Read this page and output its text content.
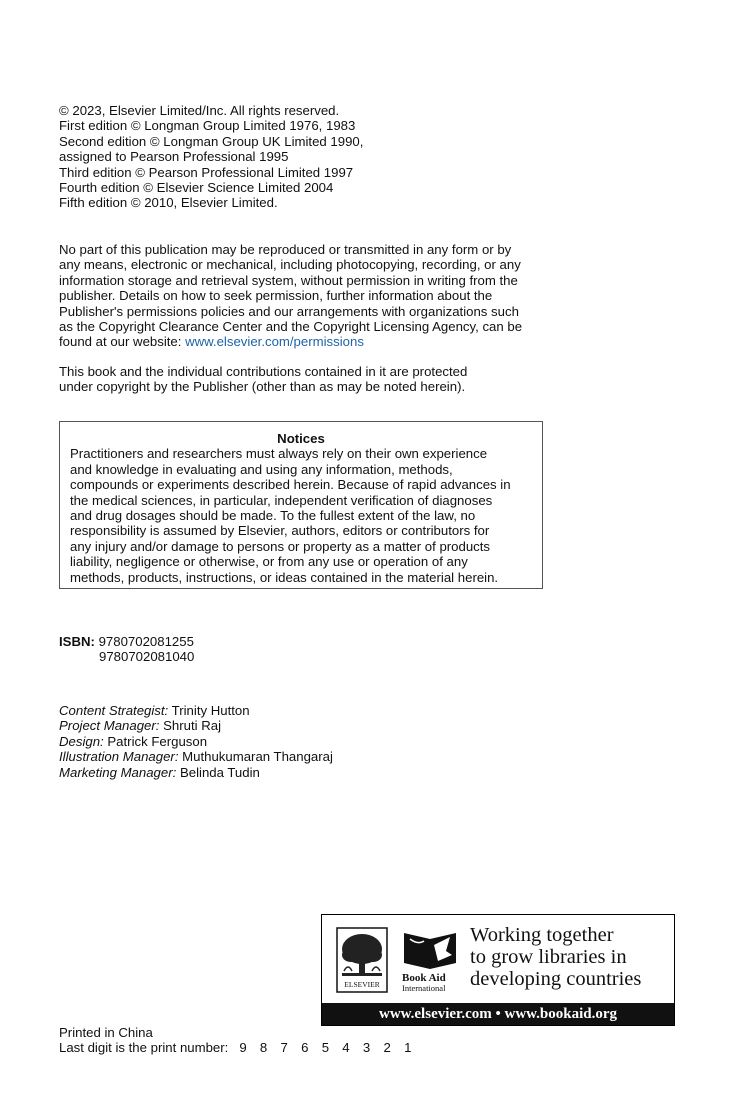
© 2023, Elsevier Limited/Inc. All rights reserved.
First edition © Longman Group Limited 1976, 1983
Second edition © Longman Group UK Limited 1990,
assigned to Pearson Professional 1995
Third edition © Pearson Professional Limited 1997
Fourth edition © Elsevier Science Limited 2004
Fifth edition © 2010, Elsevier Limited.
No part of this publication may be reproduced or transmitted in any form or by
any means, electronic or mechanical, including photocopying, recording, or any
information storage and retrieval system, without permission in writing from the
publisher. Details on how to seek permission, further information about the
Publisher's permissions policies and our arrangements with organizations such
as the Copyright Clearance Center and the Copyright Licensing Agency, can be
found at our website: www.elsevier.com/permissions
This book and the individual contributions contained in it are protected
under copyright by the Publisher (other than as may be noted herein).
Notices
Practitioners and researchers must always rely on their own experience
and knowledge in evaluating and using any information, methods,
compounds or experiments described herein. Because of rapid advances in
the medical sciences, in particular, independent verification of diagnoses
and drug dosages should be made. To the fullest extent of the law, no
responsibility is assumed by Elsevier, authors, editors or contributors for
any injury and/or damage to persons or property as a matter of products
liability, negligence or otherwise, or from any use or operation of any
methods, products, instructions, or ideas contained in the material herein.
ISBN: 9780702081255
9780702081040
Content Strategist: Trinity Hutton
Project Manager: Shruti Raj
Design: Patrick Ferguson
Illustration Manager: Muthukumaran Thangaraj
Marketing Manager: Belinda Tudin
ELSEVIER
Book Aid
International
Working together
to grow libraries in
developing countries
www.elsevier.com • www.bookaid.org
Printed in China
Last digit is the print number: 9 8 7 6 5 4 3 2 1
